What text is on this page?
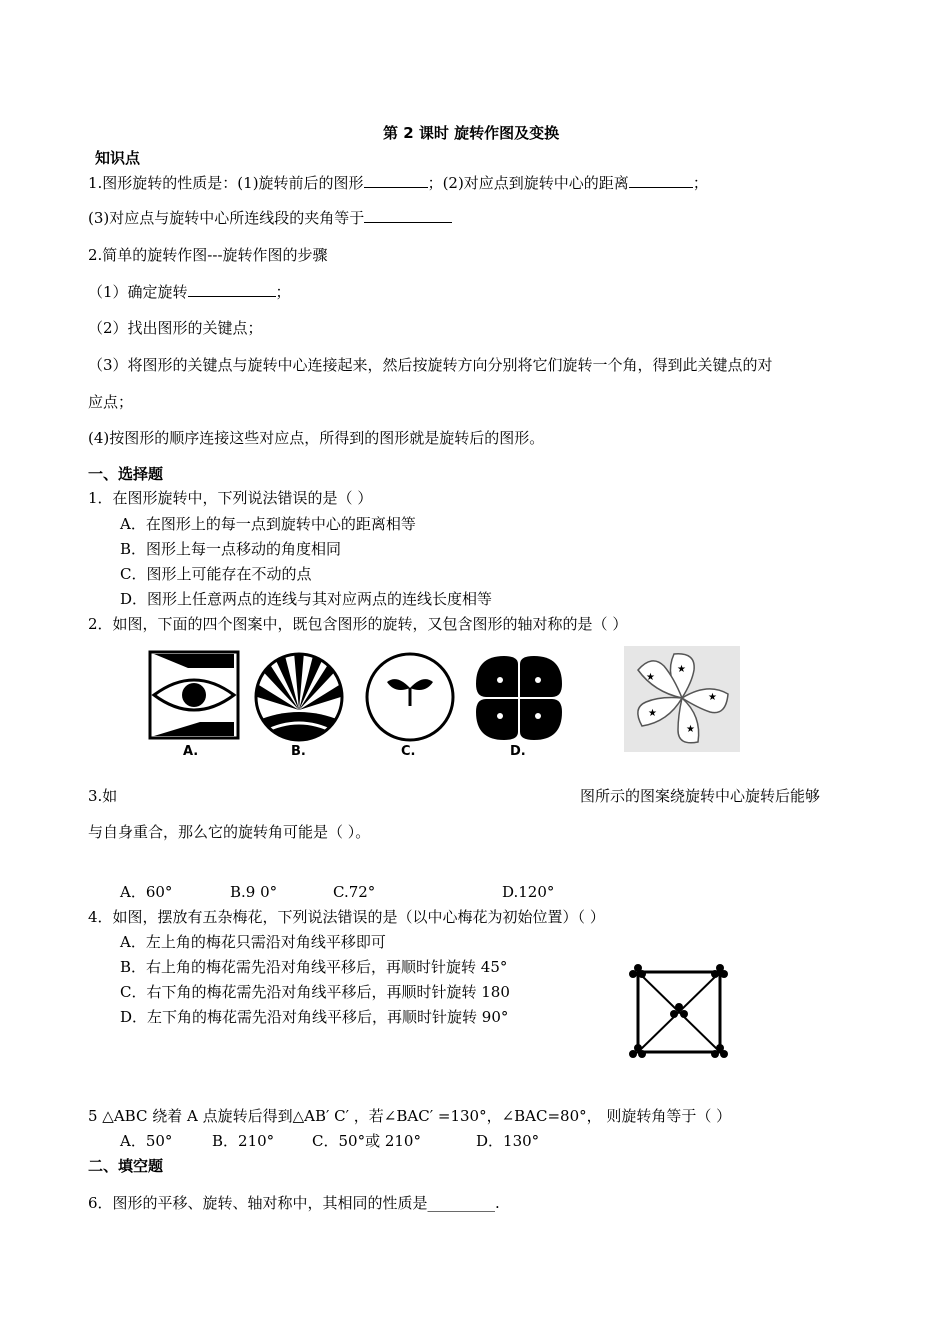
第 2 课时 旋转作图及变换
知识点
1.图形旋转的性质是：(1)旋转前后的图形	；(2)对应点到旋转中心的距离	；
(3)对应点与旋转中心所连线段的夹角等于
2.简单的旋转作图---旋转作图的步骤
（1）确定旋转	；
（2）找出图形的关键点；
（3）将图形的关键点与旋转中心连接起来，然后按旋转方向分别将它们旋转一个角，得到此关键点的对
应点；
(4)按图形的顺序连接这些对应点，所得到的图形就是旋转后的图形。
一、选择题
1．在图形旋转中，下列说法错误的是（ ）
A．在图形上的每一点到旋转中心的距离相等
B．图形上每一点移动的角度相同
C．图形上可能存在不动的点
D．图形上任意两点的连线与其对应两点的连线长度相等
2．如图，下面的四个图案中，既包含图形的旋转，又包含图形的轴对称的是（ ）
A.	B.	C.	D.
★
★
★
★
★
3.如	图所示的图案绕旋转中心旋转后能够
与自身重合，那么它的旋转角可能是（ ）。
A．60°	B.9 0°	C.72°	D.120°
4．如图，摆放有五杂梅花，下列说法错误的是（以中心梅花为初始位置）（ ）
A．左上角的梅花只需沿对角线平移即可
B．右上角的梅花需先沿对角线平移后，再顺时针旋转 45°
C．右下角的梅花需先沿对角线平移后，再顺时针旋转 180
D．左下角的梅花需先沿对角线平移后，再顺时针旋转 90°
5 △ABC 绕着 A 点旋转后得到△AB′ C′ ，若∠BAC′ =130°，∠BAC=80°， 则旋转角等于（ ）
A．50°	B．210°	C．50°或 210°	D．130°
二、填空题
6．图形的平移、旋转、轴对称中，其相同的性质是_________.
